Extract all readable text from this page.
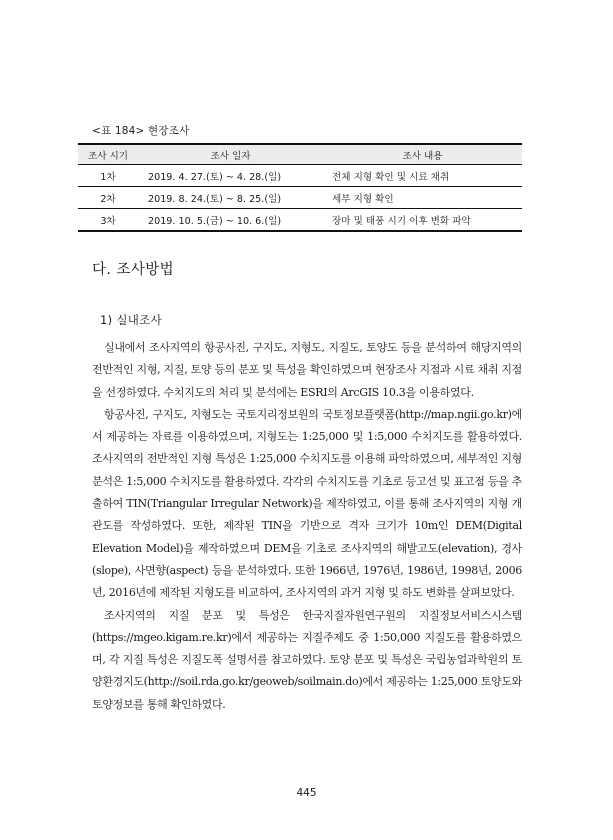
<표 184> 현장조사
조사 시기	조사 일자	조사 내용
1차	2019. 4. 27.(토) ~ 4. 28.(일)	전체 지형 확인 및 시료 채취
2차	2019. 8. 24.(토) ~ 8. 25.(일)	세부 지형 확인
3차	2019. 10. 5.(금) ~ 10. 6.(일)	장마 및 태풍 시기 이후 변화 파악
다. 조사방법
1) 실내조사

실내에서 조사지역의 항공사진, 구지도, 지형도, 지질도, 토양도 등을 분석하여 해당지역의 전반적인 지형, 지질, 토양 등의 분포 및 특성을 확인하였으며 현장조사 지점과 시료 채취 지점을 선정하였다. 수치지도의 처리 및 분석에는 ESRI의 ArcGIS 10.3을 이용하였다.

항공사진, 구지도, 지형도는 국토지리정보원의 국토정보플랫폼(http://map.ngii.go.kr)에서 제공하는 자료를 이용하였으며, 지형도는 1:25,000 및 1:5,000 수치지도를 활용하였다. 조사지역의 전반적인 지형 특성은 1:25,000 수치지도를 이용해 파악하였으며, 세부적인 지형 분석은 1:5,000 수치지도를 활용하였다. 각각의 수치지도를 기초로 등고선 및 표고점 등을 추출하여 TIN(Triangular Irregular Network)을 제작하였고, 이를 통해 조사지역의 지형 개관도를 작성하였다. 또한, 제작된 TIN을 기반으로 격자 크기가 10m인 DEM(Digital Elevation Model)을 제작하였으며 DEM을 기초로 조사지역의 해발고도(elevation), 경사(slope), 사면향(aspect) 등을 분석하였다. 또한 1966년, 1976년, 1986년, 1998년, 2006년, 2016년에 제작된 지형도를 비교하여, 조사지역의 과거 지형 및 하도 변화를 살펴보았다.

조사지역의 지질 분포 및 특성은 한국지질자원연구원의 지질정보서비스시스템(https://mgeo.kigam.re.kr)에서 제공하는 지질주제도 중 1:50,000 지질도를 활용하였으며, 각 지질 특성은 지질도폭 설명서를 참고하였다. 토양 분포 및 특성은 국립농업과학원의 토양환경지도(http://soil.rda.go.kr/geoweb/soilmain.do)에서 제공하는 1:25,000 토양도와 토양정보를 통해 확인하였다.

445
